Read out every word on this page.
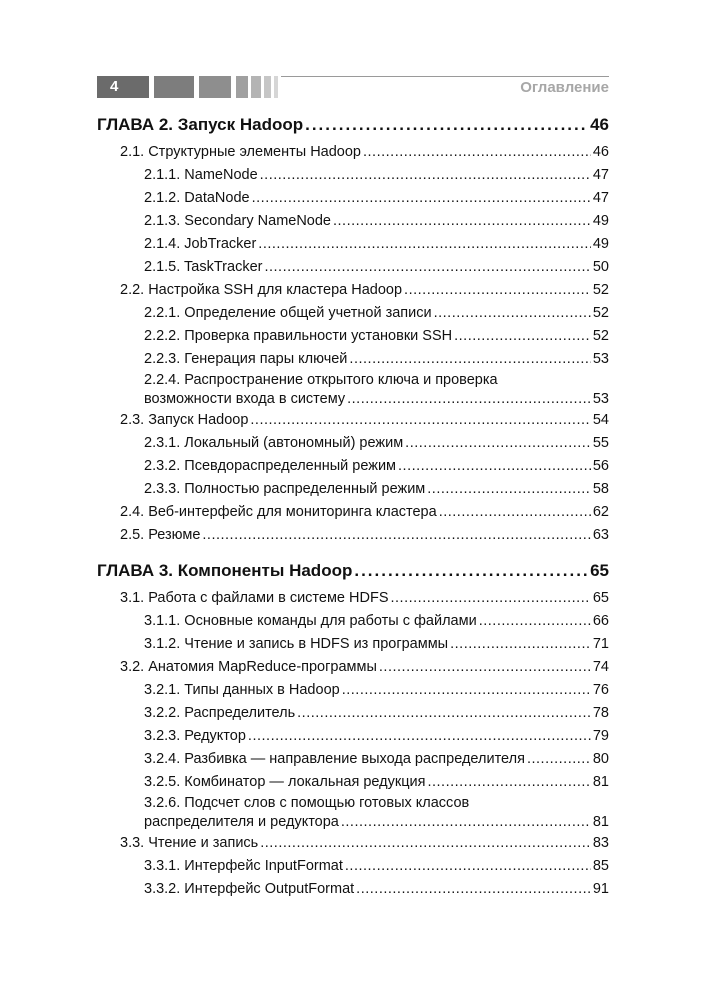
4	Оглавление
ГЛАВА 2. Запуск Hadoop .....	46
2.1. Структурные элементы Hadoop .....	46
2.1.1. NameNode .....	47
2.1.2. DataNode .....	47
2.1.3. Secondary NameNode .....	49
2.1.4. JobTracker .....	49
2.1.5. TaskTracker .....	50
2.2. Настройка SSH для кластера Hadoop .....	52
2.2.1. Определение общей учетной записи .....	52
2.2.2. Проверка правильности установки SSH .....	52
2.2.3. Генерация пары ключей .....	53
2.2.4. Распространение открытого ключа и проверка
возможности входа в систему .....	53
2.3. Запуск Hadoop .....	54
2.3.1. Локальный (автономный) режим .....	55
2.3.2. Псевдораспределенный режим .....	56
2.3.3. Полностью распределенный режим .....	58
2.4. Веб-интерфейс для мониторинга кластера .....	62
2.5. Резюме .....	63
ГЛАВА 3. Компоненты Hadoop .....	65
3.1. Работа с файлами в системе HDFS .....	65
3.1.1. Основные команды для работы с файлами .....	66
3.1.2. Чтение и запись в HDFS из программы .....	71
3.2. Анатомия MapReduce-программы .....	74
3.2.1. Типы данных в Hadoop .....	76
3.2.2. Распределитель .....	78
3.2.3. Редуктор .....	79
3.2.4. Разбивка — направление выхода распределителя .....	80
3.2.5. Комбинатор — локальная редукция .....	81
3.2.6. Подсчет слов с помощью готовых классов
распределителя и редуктора .....	81
3.3. Чтение и запись .....	83
3.3.1. Интерфейс InputFormat .....	85
3.3.2. Интерфейс OutputFormat .....	91
